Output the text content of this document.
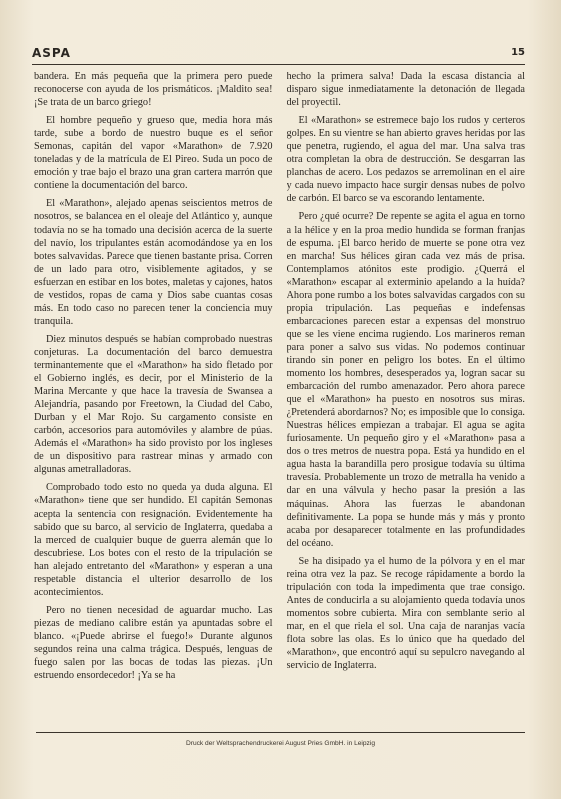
ASPA	15

bandera. En más pequeña que la primera pero puede reconocerse con ayuda de los prismáticos. ¡Maldito sea! ¡Se trata de un barco griego!

El hombre pequeño y grueso que, media hora más tarde, sube a bordo de nuestro buque es el señor Semonas, capitán del vapor «Marathon» de 7.920 toneladas y de la matrícula de El Pireo. Suda un poco de emoción y trae bajo el brazo una gran cartera marrón que contiene la documentación del barco.

El «Marathon», alejado apenas seiscientos metros de nosotros, se balancea en el oleaje del Atlántico y, aunque todavía no se ha tomado una decisión acerca de la suerte del navío, los tripulantes están acomodándose ya en los botes salvavidas. Parece que tienen bastante prisa. Corren de un lado para otro, visiblemente agitados, y se esfuerzan en estibar en los botes, maletas y cajones, hatos de vestidos, ropas de cama y Dios sabe cuantas cosas más. En todo caso no parecen tener la conciencia muy tranquila.

Diez minutos después se habían comprobado nuestras conjeturas. La documentación del barco demuestra terminantemente que el «Marathon» ha sido fletado por el Gobierno inglés, es decir, por el Ministerio de la Marina Mercante y que hace la travesía de Swansea a Alejandría, pasando por Freetown, la Ciudad del Cabo, Durban y el Mar Rojo. Su cargamento consiste en carbón, accesorios para automóviles y alambre de púas. Además el «Marathon» ha sido provisto por los ingleses de un dispositivo para rastrear minas y armado con algunas ametralladoras.

Comprobado todo esto no queda ya duda alguna. El «Marathon» tiene que ser hundido. El capitán Semonas acepta la sentencia con resignación. Evidentemente ha sabido que su barco, al servicio de Inglaterra, quedaba a la merced de cualquier buque de guerra alemán que lo descubriese. Los botes con el resto de la tripulación se han alejado entretanto del «Marathon» y esperan a una respetable distancia el ulterior desarrollo de los acontecimientos.

Pero no tienen necesidad de aguardar mucho. Las piezas de mediano calibre están ya apuntadas sobre el blanco. «¡Puede abrirse el fuego!» Durante algunos segundos reina una calma trágica. Después, lenguas de fuego salen por las bocas de todas las piezas. ¡Un estruendo ensordecedor! ¡Ya se ha

hecho la primera salva! Dada la escasa distancia al disparo sigue inmediatamente la detonación de llegada del proyectil.

El «Marathon» se estremece bajo los rudos y certeros golpes. En su vientre se han abierto graves heridas por las que penetra, rugiendo, el agua del mar. Una salva tras otra completan la obra de destrucción. Se desgarran las planchas de acero. Los pedazos se arremolinan en el aire y cada nuevo impacto hace surgir densas nubes de polvo de carbón. El barco se va escorando lentamente.

Pero ¿qué ocurre? De repente se agita el agua en torno a la hélice y en la proa medio hundida se forman franjas de espuma. ¡El barco herido de muerte se pone otra vez en marcha! Sus hélices giran cada vez más de prisa. Contemplamos atónitos este prodigio. ¿Querrá el «Marathon» escapar al exterminio apelando a la huída? Ahora pone rumbo a los botes salvavidas cargados con su propia tripulación. Las pequeñas e indefensas embarcaciones parecen estar a expensas del monstruo que se les viene encima rugiendo. Los marineros reman para poner a salvo sus vidas. No podemos continuar tirando sin poner en peligro los botes. En el último momento los hombres, desesperados ya, logran sacar su embarcación del rumbo amenazador. Pero ahora parece que el «Marathon» ha puesto en nosotros sus miras. ¿Pretenderá abordarnos? No; es imposible que lo consiga. Nuestras hélices empiezan a trabajar. El agua se agita furiosamente. Un pequeño giro y el «Marathon» pasa a dos o tres metros de nuestra popa. Está ya hundido en el agua hasta la barandilla pero prosigue todavía su última travesía. Probablemente un trozo de metralla ha venido a dar en una válvula y hecho pasar la presión a las máquinas. Ahora las fuerzas le abandonan definitivamente. La popa se hunde más y más y pronto acaba por desaparecer totalmente en las profundidades del océano.

Se ha disipado ya el humo de la pólvora y en el mar reina otra vez la paz. Se recoge rápidamente a bordo la tripulación con toda la impedimenta que trae consigo. Antes de conducirla a su alojamiento queda todavía unos momentos sobre cubierta. Mira con semblante serio al mar, en el que riela el sol. Una caja de naranjas vacía flota sobre las olas. Es lo único que ha quedado del «Marathon», que encontró aquí su sepulcro navegando al servicio de Inglaterra.

Druck der Weltsprachendruckerei August Pries GmbH. in Leipzig
